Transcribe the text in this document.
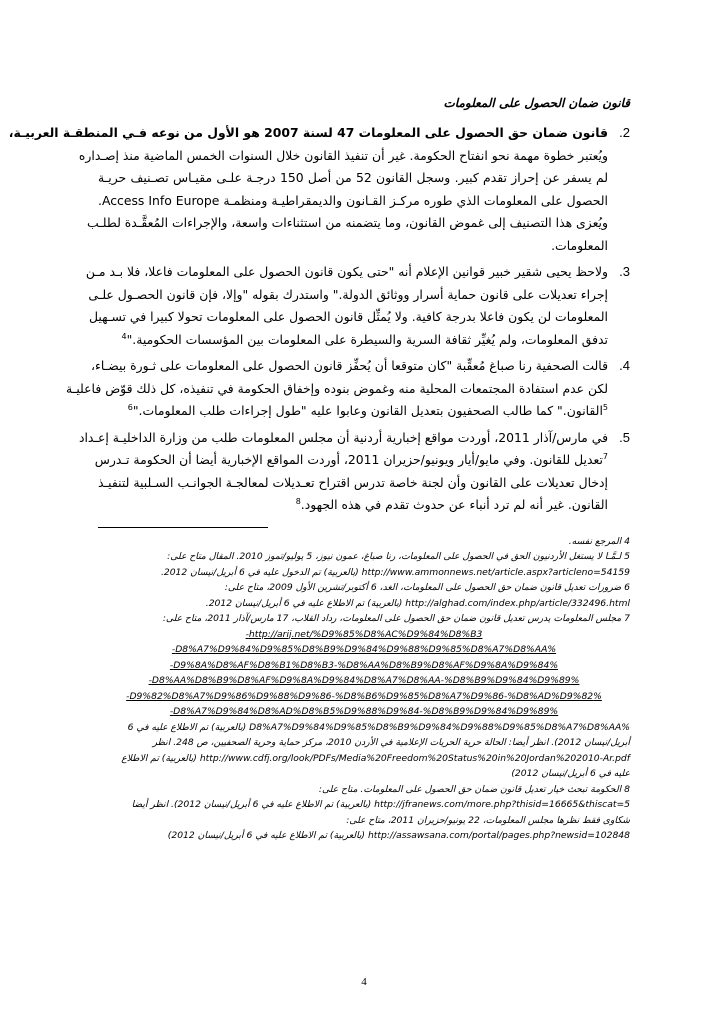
قانون ضمان الحصول على المعلومات
2.
قانون ضمان حق الحصول على المعلومات 47 لسنة 2007 هو الأول من نوعه فـي المنطقـة العربيـة،
ويُعتبر خطوة مهمة نحو انفتاح الحكومة. غير أن تنفيذ القانون خلال السنوات الخمس الماضية منذ إصـداره
لم يسفر عن إحراز تقدم كبير. وسجل القانون 52 من أصل 150 درجـة علـى مقيـاس تصـنيف حريـة
الحصول على المعلومات الذي طوره مركـز القـانون والديمقراطيـة ومنظمـة Access Info Europe.
ويُعزى هذا التصنيف إلى غموض القانون، وما يتضمنه من استثناءات واسعة، والإجراءات المُعقَّـدة لطلـب
المعلومات.
3.
ولاحظ يحيى شقير خبير قوانين الإعلام أنه "حتى يكون قانون الحصول على المعلومات فاعلا، فلا بـد مـن
إجراء تعديلات على قانون حماية أسرار ووثائق الدولة." واستدرك بقوله "وإلا، فإن قانون الحصـول علـى
المعلومات لن يكون فاعلا بدرجة كافية. ولا يُمثِّل قانون الحصول على المعلومات تحولا كبيرا في تسـهيل
تدفق المعلومات، ولم يُغيِّر ثقافة السرية والسيطرة على المعلومات بين المؤسسات الحكومية."$^4$
4.
قالت الصحفية رنا صباغ مُعقِّبة "كان متوقعا أن يُحفِّز قانون الحصول على المعلومات على ثـورة بيضـاء،
لكن عدم استفادة المجتمعات المحلية منه وغموض بنوده وإخفاق الحكومة في تنفيذه، كل ذلك قوّض فاعليـة
$^5$القانون." كما طالب الصحفيون بتعديل القانون وعابوا عليه "طول إجراءات طلب المعلومات."$^6$
5.
في مارس/آذار 2011، أوردت مواقع إخبارية أردنية أن مجلس المعلومات طلب من وزارة الداخليـة إعـداد
$^7$تعديل للقانون. وفي مايو/أيار ويونيو/حزيران 2011، أوردت المواقع الإخبارية أيضا أن الحكومة تـدرس
إدخال تعديلات على القانون وأن لجنة خاصة تدرس اقتراح تعـديلات لمعالجـة الجوانـب السـلبية لتنفيـذ
القانون. غير أنه لم ترد أنباء عن حدوث تقدم في هذه الجهود.$^8$
4 المرجع نفسه.
5 لـمَّـا لا يستغل الأردنيون الحق في الحصول على المعلومات، رنا صباغ، عمون نيوز، 5 يوليو/تموز 2010. المقال متاح على:
http://www.ammonnews.net/article.aspx?articleno=54159 (بالعربية) تم الدخول عليه في 6 أبريل/نيسان 2012.
6 ضرورات تعديل قانون ضمان حق الحصول على المعلومات، الغد، 6 أكتوبر/تشرين الأول 2009، متاح على:
http://alghad.com/index.php/article/332496.html (بالعربية) تم الاطلاع عليه في 6 أبريل/نيسان 2012.
7 مجلس المعلومات يدرس تعديل قانون ضمان حق الحصول على المعلومات، رداد القلاب، 17 مارس/آذار 2011، متاح على:
http://arij.net/%D9%85%D8%AC%D9%84%D8%B3-
%D8%A7%D9%84%D9%85%D8%B9%D9%84%D9%88%D9%85%D8%A7%D8%AA-
%D9%8A%D8%AF%D8%B1%D8%B3-%D8%AA%D8%B9%D8%AF%D9%8A%D9%84-
%D8%AA%D8%B9%D8%AF%D9%8A%D9%84%D8%A7%D8%AA-%D8%B9%D9%84%D9%89-
%D9%82%D8%A7%D9%86%D9%88%D9%86-%D8%B6%D9%85%D8%A7%D9%86-%D8%AD%D9%82-
%D8%A7%D9%84%D8%AD%D8%B5%D9%88%D9%84-%D8%B9%D9%84%D9%89-
%D8%A7%D9%84%D9%85%D8%B9%D9%84%D9%88%D9%85%D8%A7%D8%AA (بالعربية) تم الاطلاع عليه في 6
أبريل/نيسان 2012). انظر أيضا: الحالة حرية الحريات الإعلامية في الأردن 2010، مركز حماية وحرية الصحفيين، ص 248. انظر
http://www.cdfj.org/look/PDFs/Media%20Freedom%20Status%20in%20Jordan%202010-Ar.pdf (بالعربية) تم الاطلاع
عليه في 6 أبريل/نيسان 2012)
8 الحكومة تبحث خيار تعديل قانون ضمان حق الحصول على المعلومات. متاح على:
http://jfranews.com/more.php?thisid=16665&thiscat=5 (بالعربية) تم الاطلاع عليه في 6 أبريل/نيسان 2012). انظر أيضا
شكاوى فقط نظرها مجلس المعلومات، 22 يونيو/حزيران 2011، متاح على:
http://assawsana.com/portal/pages.php?newsid=102848 (بالعربية) تم الاطلاع عليه في 6 أبريل/نيسان 2012)
4
